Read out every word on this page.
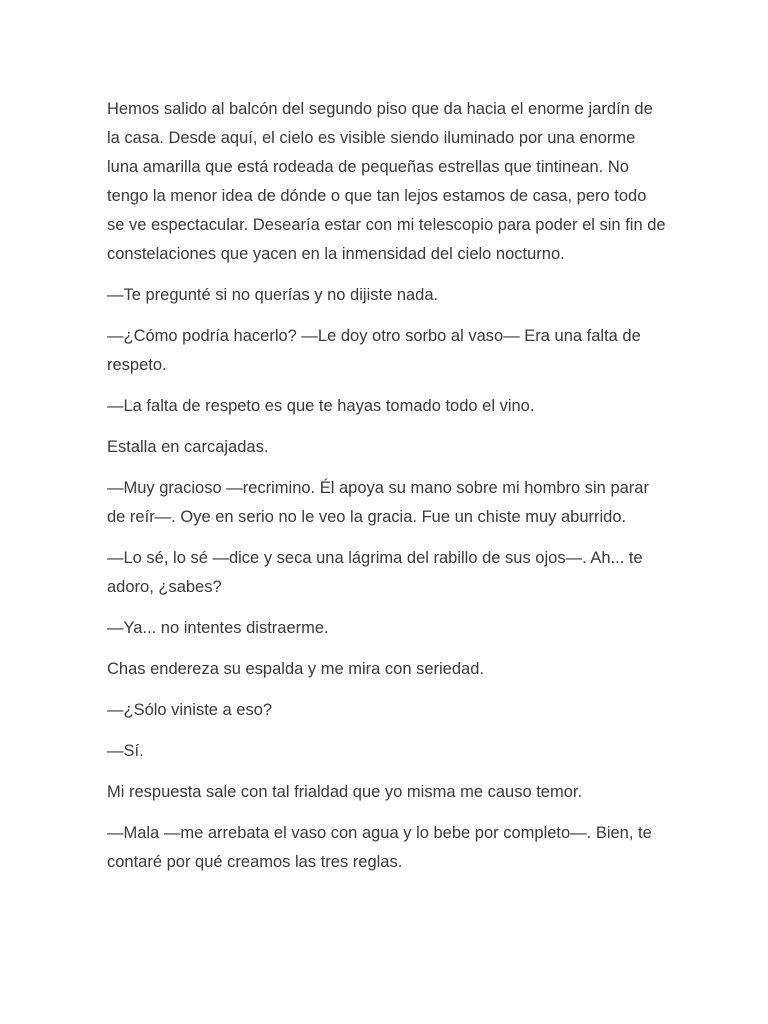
Hemos salido al balcón del segundo piso que da hacia el enorme jardín de la casa. Desde aquí, el cielo es visible siendo iluminado por una enorme luna amarilla que está rodeada de pequeñas estrellas que tintinean. No tengo la menor idea de dónde o que tan lejos estamos de casa, pero todo se ve espectacular. Desearía estar con mi telescopio para poder el sin fin de constelaciones que yacen en la inmensidad del cielo nocturno.

—Te pregunté si no querías y no dijiste nada.

—¿Cómo podría hacerlo? —Le doy otro sorbo al vaso— Era una falta de respeto.

—La falta de respeto es que te hayas tomado todo el vino.

Estalla en carcajadas.

—Muy gracioso —recrimino. Él apoya su mano sobre mi hombro sin parar de reír—. Oye en serio no le veo la gracia. Fue un chiste muy aburrido.

—Lo sé, lo sé —dice y seca una lágrima del rabillo de sus ojos—. Ah... te adoro, ¿sabes?

—Ya... no intentes distraerme.

Chas endereza su espalda y me mira con seriedad.

—¿Sólo viniste a eso?

—Sí.

Mi respuesta sale con tal frialdad que yo misma me causo temor.

—Mala —me arrebata el vaso con agua y lo bebe por completo—. Bien, te contaré por qué creamos las tres reglas.
